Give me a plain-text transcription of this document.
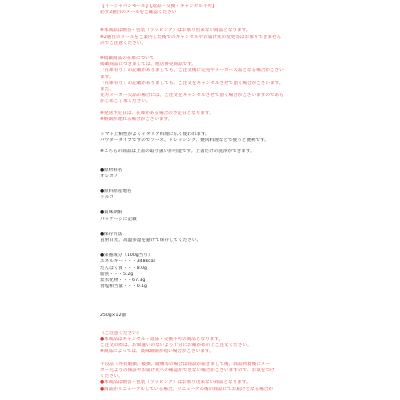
【イージャパンモール】【返品・交換・キャンセル不可】
必ず2通目のメールをご確認ください
※本商品は贈答・包装（ラッピング）はお承り出来ない商品となります。
※2通目のメールをご案内した後でのキャンセルやお届け先の変更等はお承りできません
のでご注意ください。
※掲載商品の在庫について
掲載商品につきましては、他店併売商品です。
「在庫有り」の記載がありましても、ご注文後に完売やメーカー欠品となる場合がござい
ます。
「在庫有り」の記載がありましても、ご注文をキャンセルさせて頂く場合がございます。
また、
先方メーカー欠品の場合には、ご注文をキャンセルさせて頂く場合がございますのであら
かじめご了承ください。
※発送予定日は、在庫がある場合の予定日となります。
※納期が遅れる場合がございます。
トマト上相性がよくイタリア料理に広く使われます。
パウダータイプですのでソース、ドレッシング、焼肉料理などで使うと便利です。
※こちらの商品は上書の取り扱いが可能です。上書だけの洗浄ができます。
●原材料名
オレガノ
●原料原産地名
トルコ
●賞味期限
パッケージに記載
●保存方法
直射日光、高温多湿を避けて保存してください。
●栄養成分（100g当り）
エネルギー・・・348kcal
たんぱく質・・・8.0g
脂質・・・5.2g
炭水化物・・・67.3g
食塩相当量・・・0.1g
250g×12個
《ご注意ください》
●本商品はキャンセル・返品・交換不可の商品となります。
ご注文の際は、お間違いのないよう十分にお確かめの上ご注文ください。
※商品によっては、賞味期限が短い場合がございます。

不良品（外装破損、破損、破壊等の場合は商品が届きまして後、商品到着後にメー
カー元よりの保証やお届け先への確認ができない場合がございますので、お気をつけ
ください。
●本商品は贈答・包装（ラッピング）はお承り出来ない商品となります。
●商品がリニューアルしている場合、リニューアル後の商品にてお届けとなる場合が
